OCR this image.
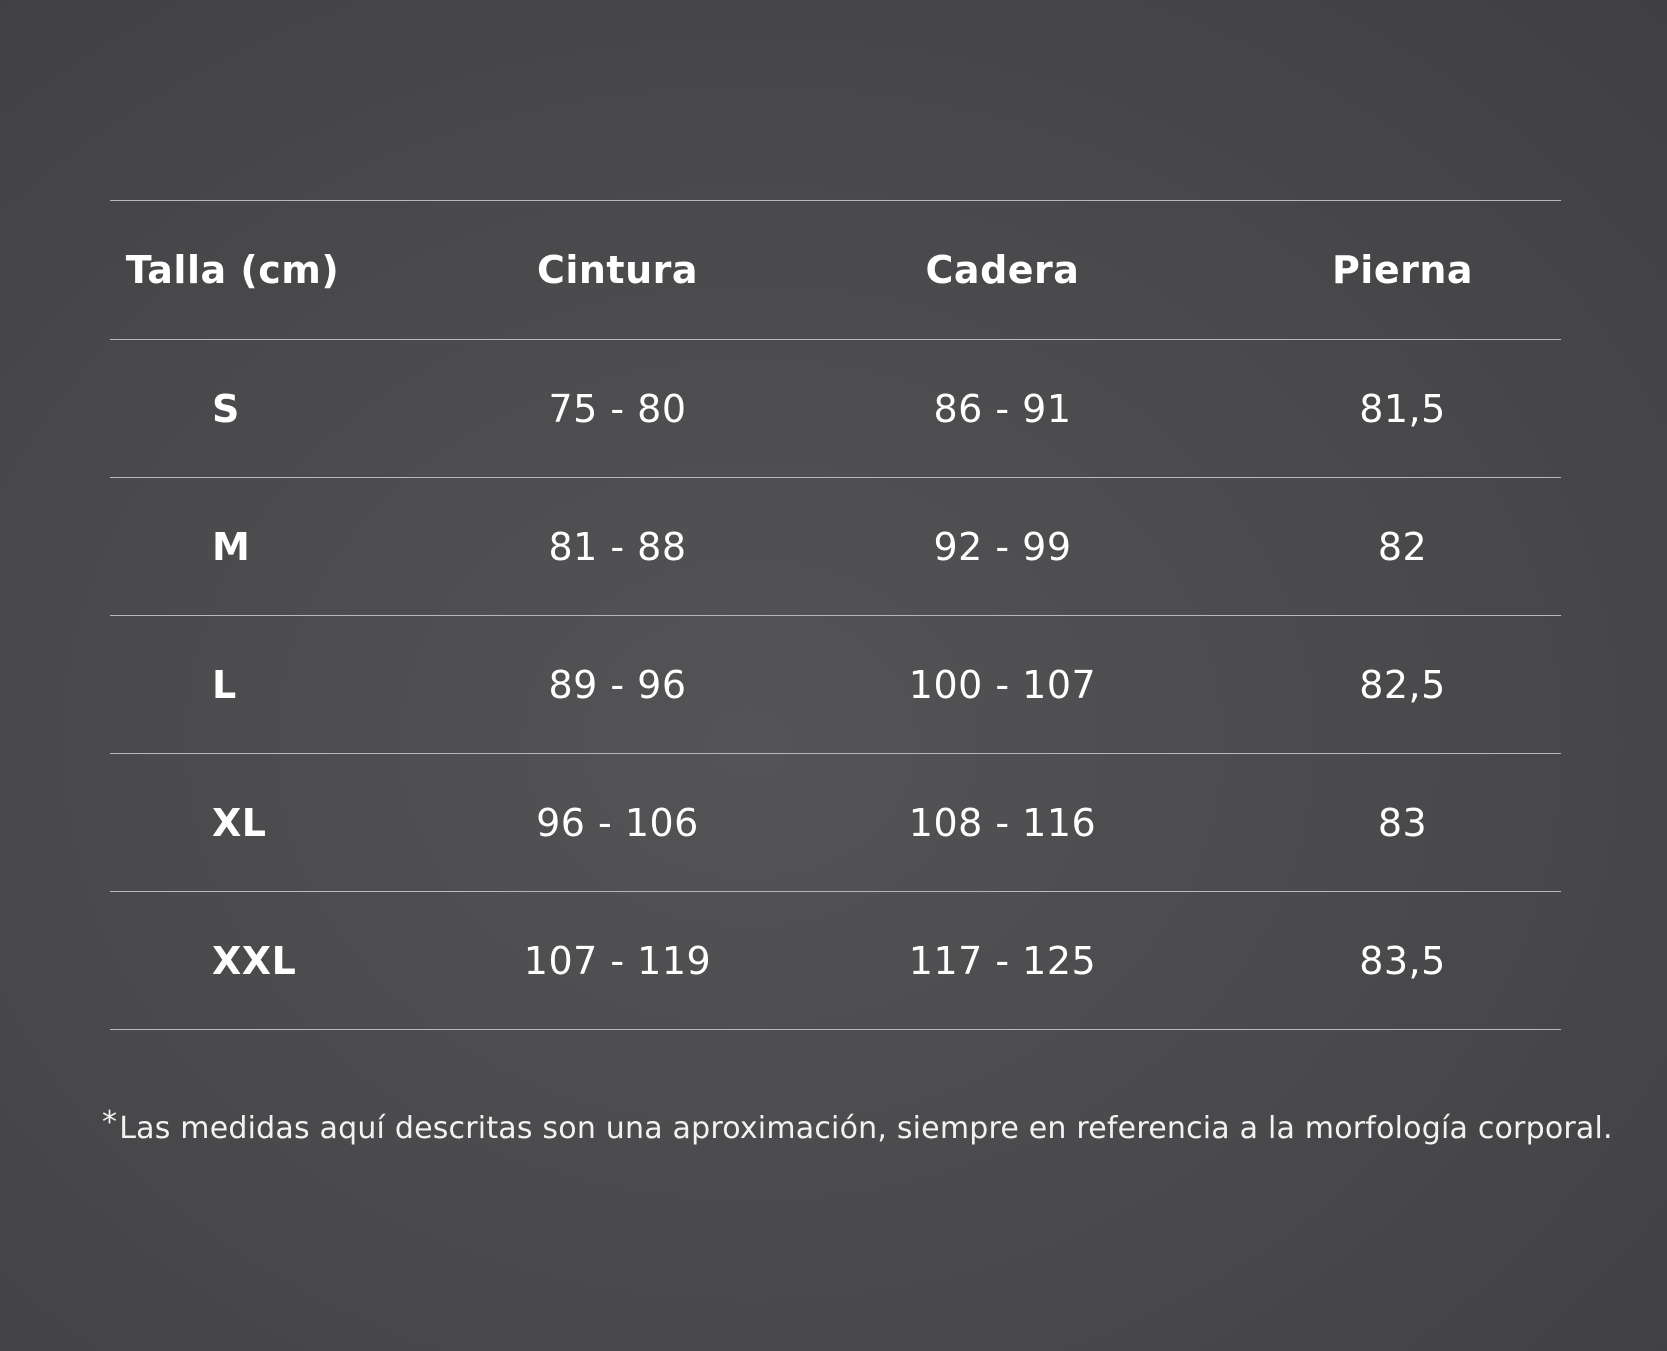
Talla (cm)	Cintura	Cadera	Pierna
S	75 - 80	86 - 91	81,5
M	81 - 88	92 - 99	82
L	89 - 96	100 - 107	82,5
XL	96 - 106	108 - 116	83
XXL	107 - 119	117 - 125	83,5
*Las medidas aquí descritas son una aproximación, siempre en referencia a la morfología corporal.
